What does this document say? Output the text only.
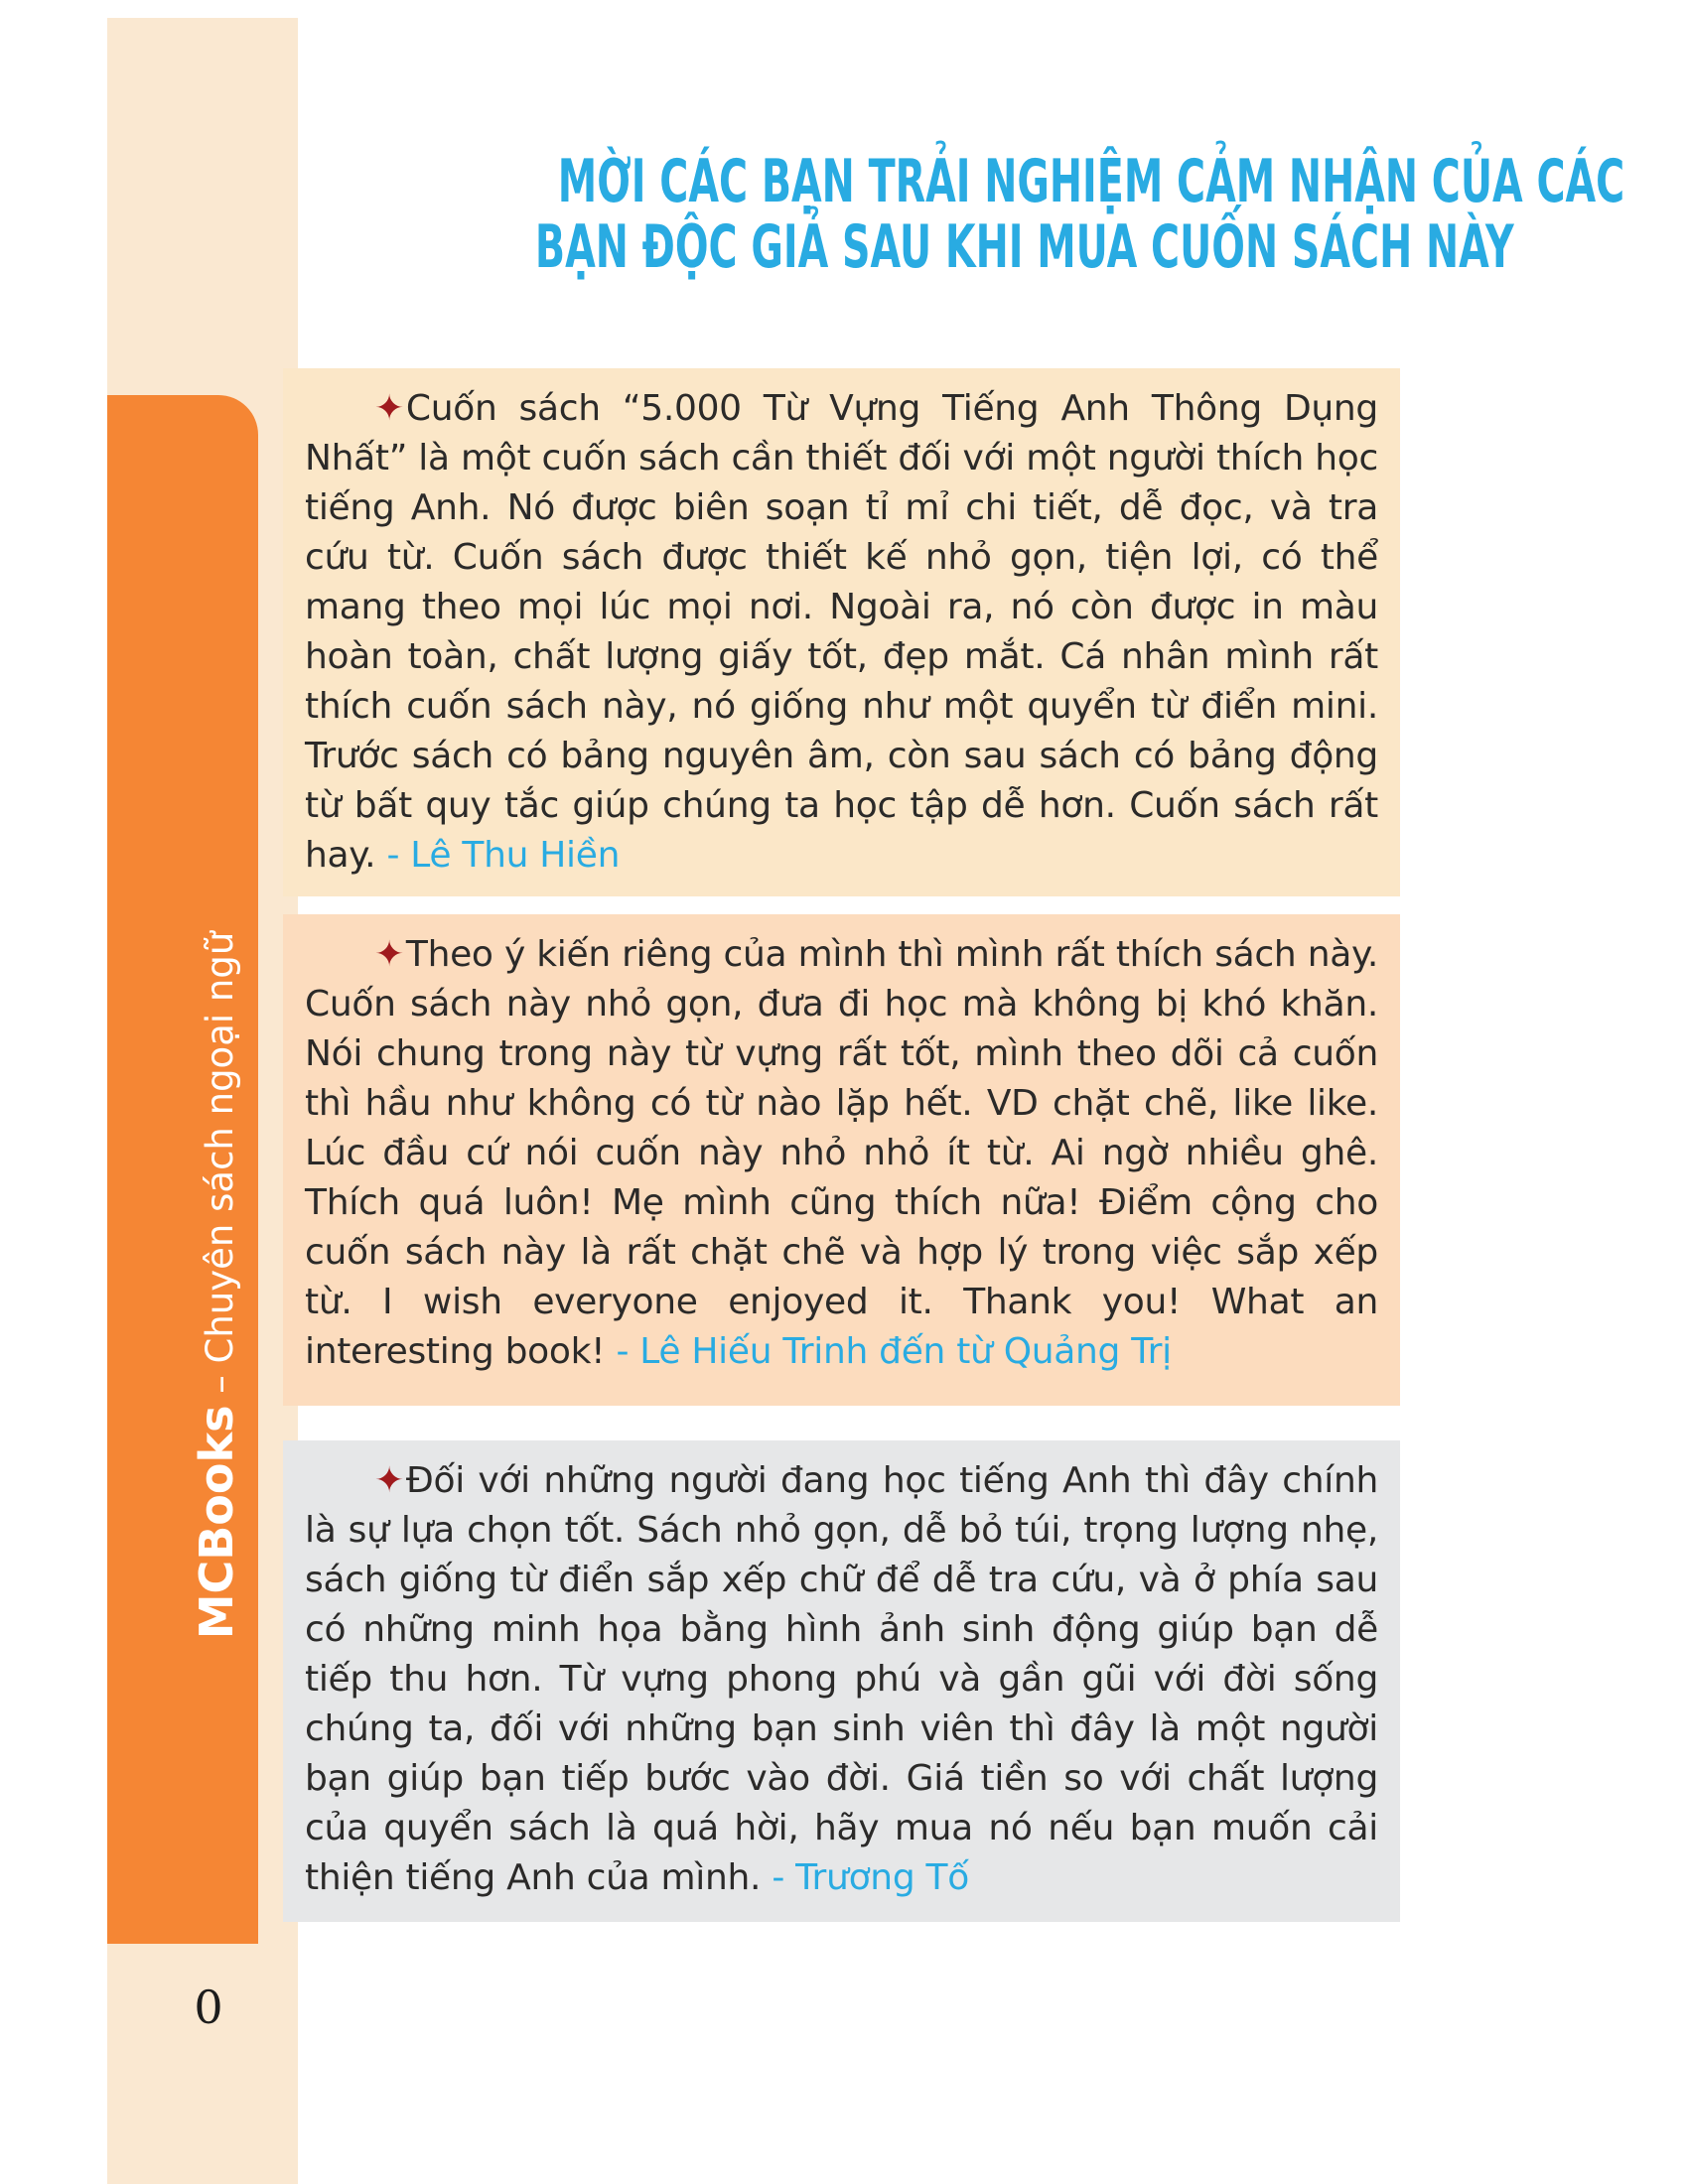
MCBooks – Chuyên sách ngoại ngữ
0
MỜI CÁC BẠN TRẢI NGHIỆM CẢM NHẬN CỦA CÁC
BẠN ĐỘC GIẢ SAU KHI MUA CUỐN SÁCH NÀY

✦Cuốn sách “5.000 Từ Vựng Tiếng Anh Thông Dụng Nhất” là một cuốn sách cần thiết đối với một người thích học tiếng Anh. Nó được biên soạn tỉ mỉ chi tiết, dễ đọc, và tra cứu từ. Cuốn sách được thiết kế nhỏ gọn, tiện lợi, có thể mang theo mọi lúc mọi nơi. Ngoài ra, nó còn được in màu hoàn toàn, chất lượng giấy tốt, đẹp mắt. Cá nhân mình rất thích cuốn sách này, nó giống như một quyển từ điển mini. Trước sách có bảng nguyên âm, còn sau sách có bảng động từ bất quy tắc giúp chúng ta học tập dễ hơn. Cuốn sách rất hay. - Lê Thu Hiền

✦Theo ý kiến riêng của mình thì mình rất thích sách này. Cuốn sách này nhỏ gọn, đưa đi học mà không bị khó khăn. Nói chung trong này từ vựng rất tốt, mình theo dõi cả cuốn thì hầu như không có từ nào lặp hết. VD chặt chẽ, like like. Lúc đầu cứ nói cuốn này nhỏ nhỏ ít từ. Ai ngờ nhiều ghê. Thích quá luôn! Mẹ mình cũng thích nữa! Điểm cộng cho cuốn sách này là rất chặt chẽ và hợp lý trong việc sắp xếp từ. I wish everyone enjoyed it. Thank you! What an interesting book! - Lê Hiếu Trinh đến từ Quảng Trị

✦Đối với những người đang học tiếng Anh thì đây chính là sự lựa chọn tốt. Sách nhỏ gọn, dễ bỏ túi, trọng lượng nhẹ, sách giống từ điển sắp xếp chữ để dễ tra cứu, và ở phía sau có những minh họa bằng hình ảnh sinh động giúp bạn dễ tiếp thu hơn. Từ vựng phong phú và gần gũi với đời sống chúng ta, đối với những bạn sinh viên thì đây là một người bạn giúp bạn tiếp bước vào đời. Giá tiền so với chất lượng của quyển sách là quá hời, hãy mua nó nếu bạn muốn cải thiện tiếng Anh của mình. - Trương Tố
